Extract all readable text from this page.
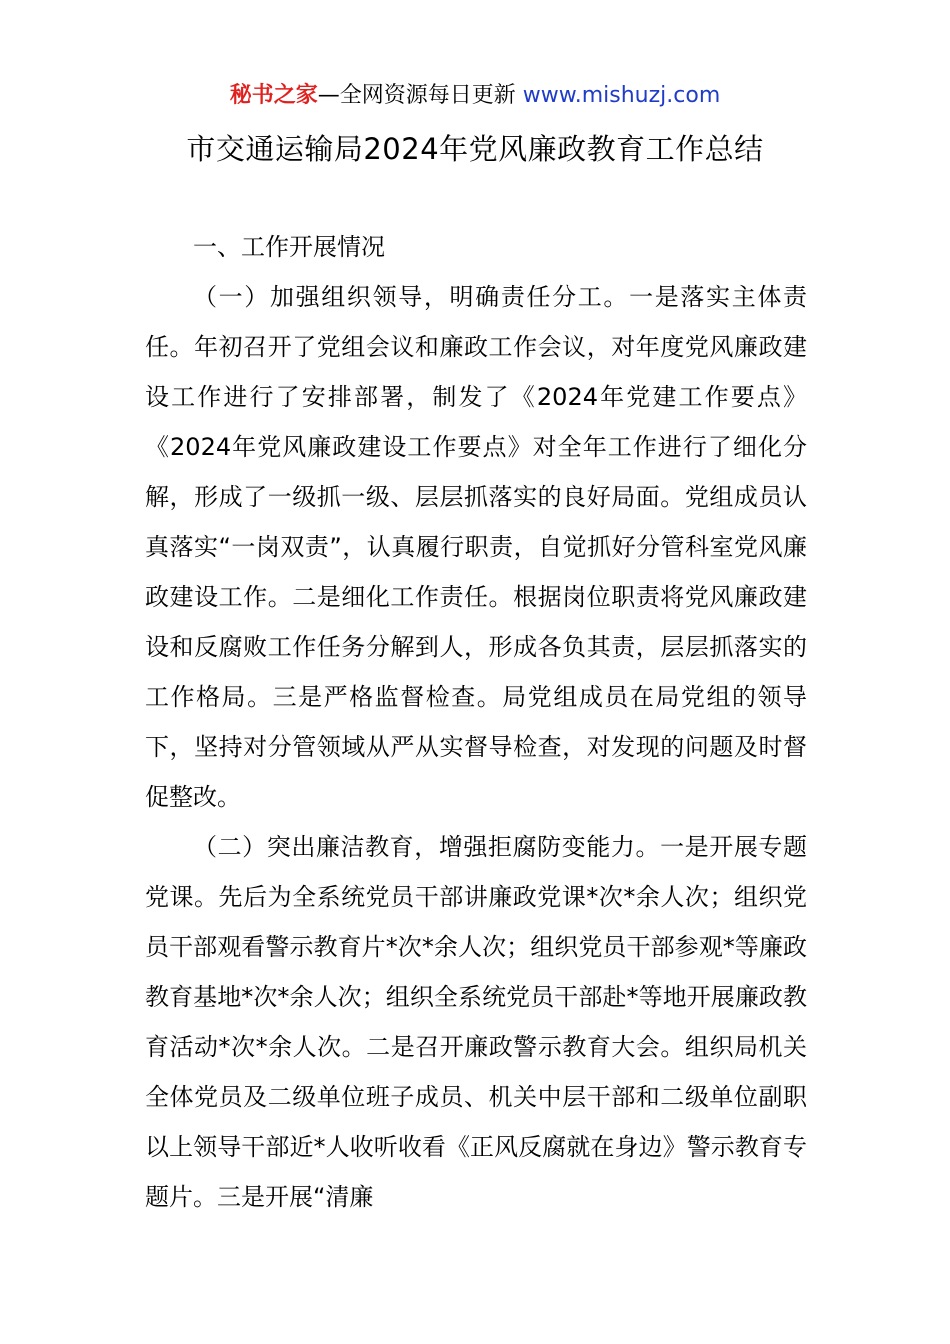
秘书之家—全网资源每日更新 www.mishuzj.com
市交通运输局2024年党风廉政教育工作总结

一、工作开展情况

（一）加强组织领导，明确责任分工。一是落实主体责任。年初召开了党组会议和廉政工作会议，对年度党风廉政建设工作进行了安排部署，制发了《2024年党建工作要点》《2024年党风廉政建设工作要点》对全年工作进行了细化分解，形成了一级抓一级、层层抓落实的良好局面。党组成员认真落实“一岗双责”，认真履行职责，自觉抓好分管科室党风廉政建设工作。二是细化工作责任。根据岗位职责将党风廉政建设和反腐败工作任务分解到人，形成各负其责，层层抓落实的工作格局。三是严格监督检查。局党组成员在局党组的领导下，坚持对分管领域从严从实督导检查，对发现的问题及时督促整改。

（二）突出廉洁教育，增强拒腐防变能力。一是开展专题党课。先后为全系统党员干部讲廉政党课*次*余人次；组织党员干部观看警示教育片*次*余人次；组织党员干部参观*等廉政教育基地*次*余人次；组织全系统党员干部赴*等地开展廉政教育活动*次*余人次。二是召开廉政警示教育大会。组织局机关全体党员及二级单位班子成员、机关中层干部和二级单位副职以上领导干部近*人收听收看《正风反腐就在身边》警示教育专题片。三是开展“清廉
